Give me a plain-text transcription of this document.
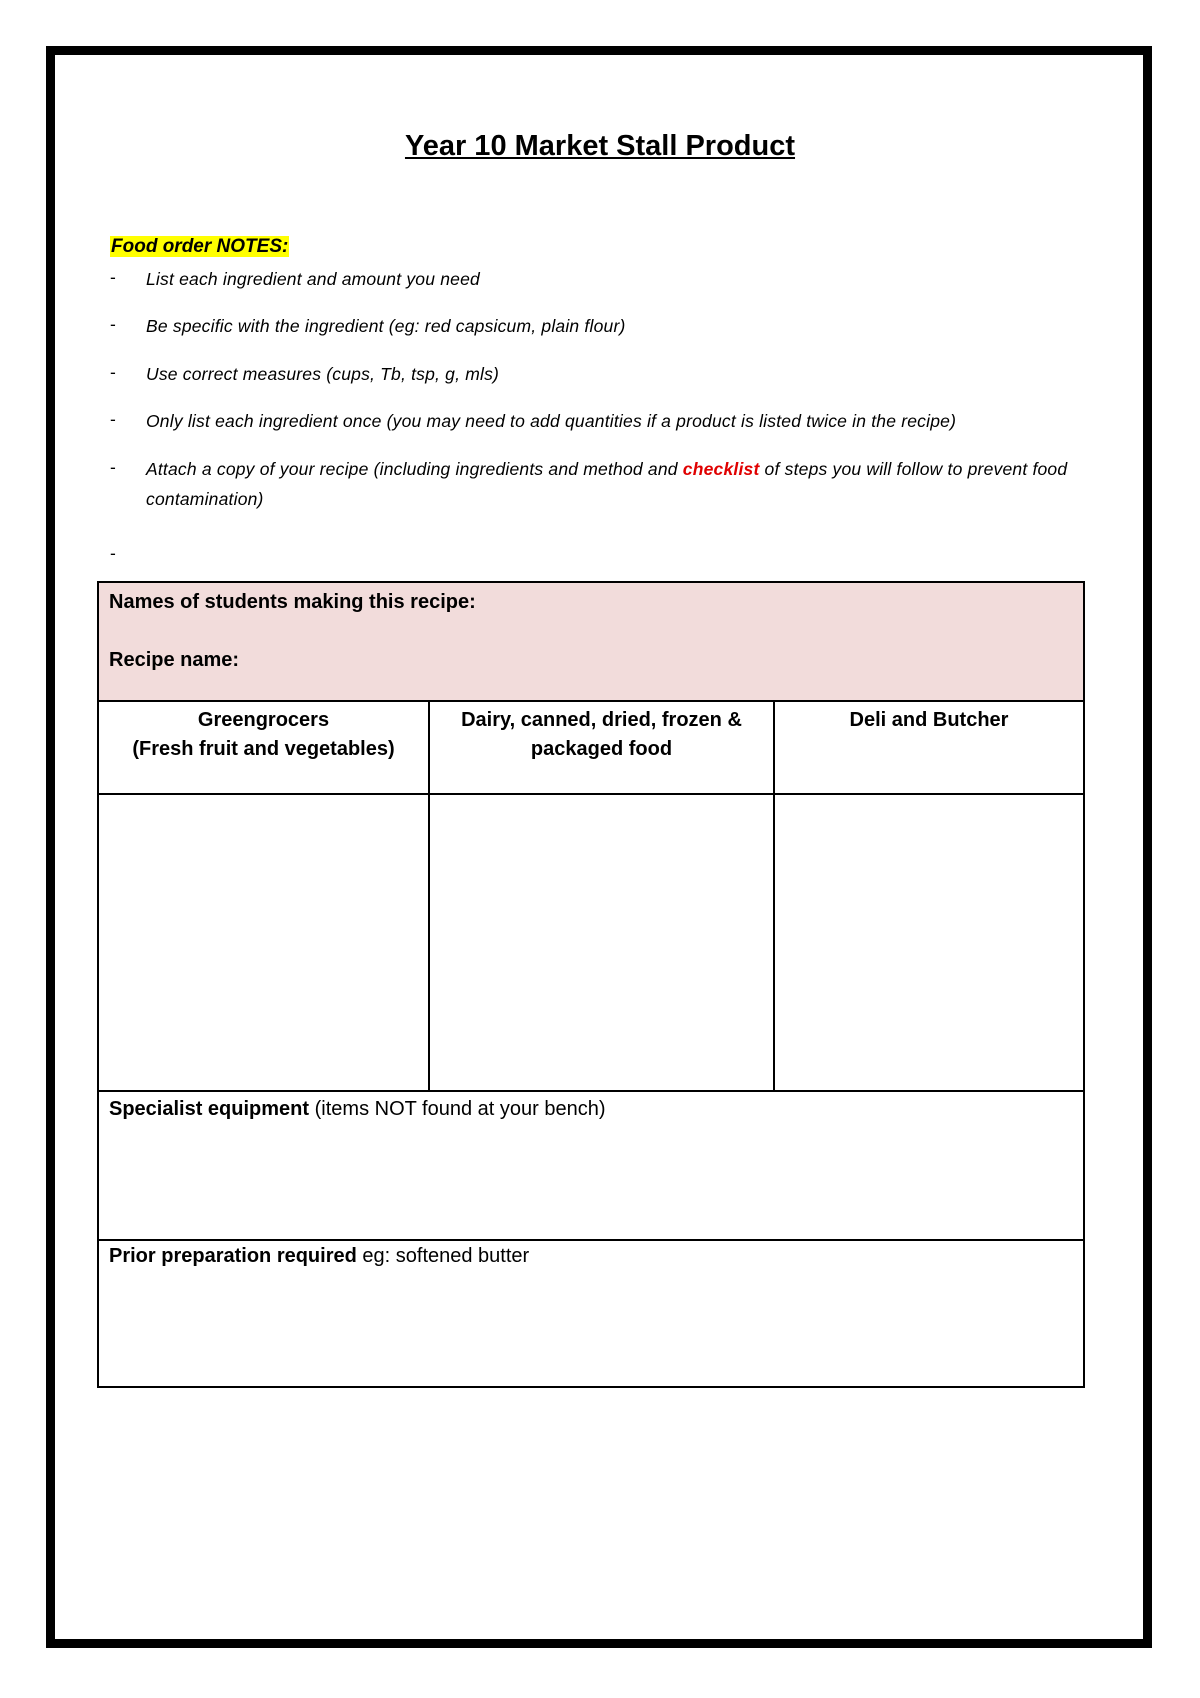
Year 10 Market Stall Product
Food order NOTES:
- List each ingredient and amount you need
- Be specific with the ingredient (eg: red capsicum, plain flour)
- Use correct measures (cups, Tb, tsp, g, mls)
- Only list each ingredient once (you may need to add quantities if a product is listed twice in the recipe)
- Attach a copy of your recipe (including ingredients and method and checklist of steps you will follow to prevent food contamination)
-
Names of students making this recipe:
Recipe name:
Greengrocers
(Fresh fruit and vegetables)
Dairy, canned, dried, frozen &
packaged food
Deli and Butcher
Specialist equipment (items NOT found at your bench)
Prior preparation required eg: softened butter
